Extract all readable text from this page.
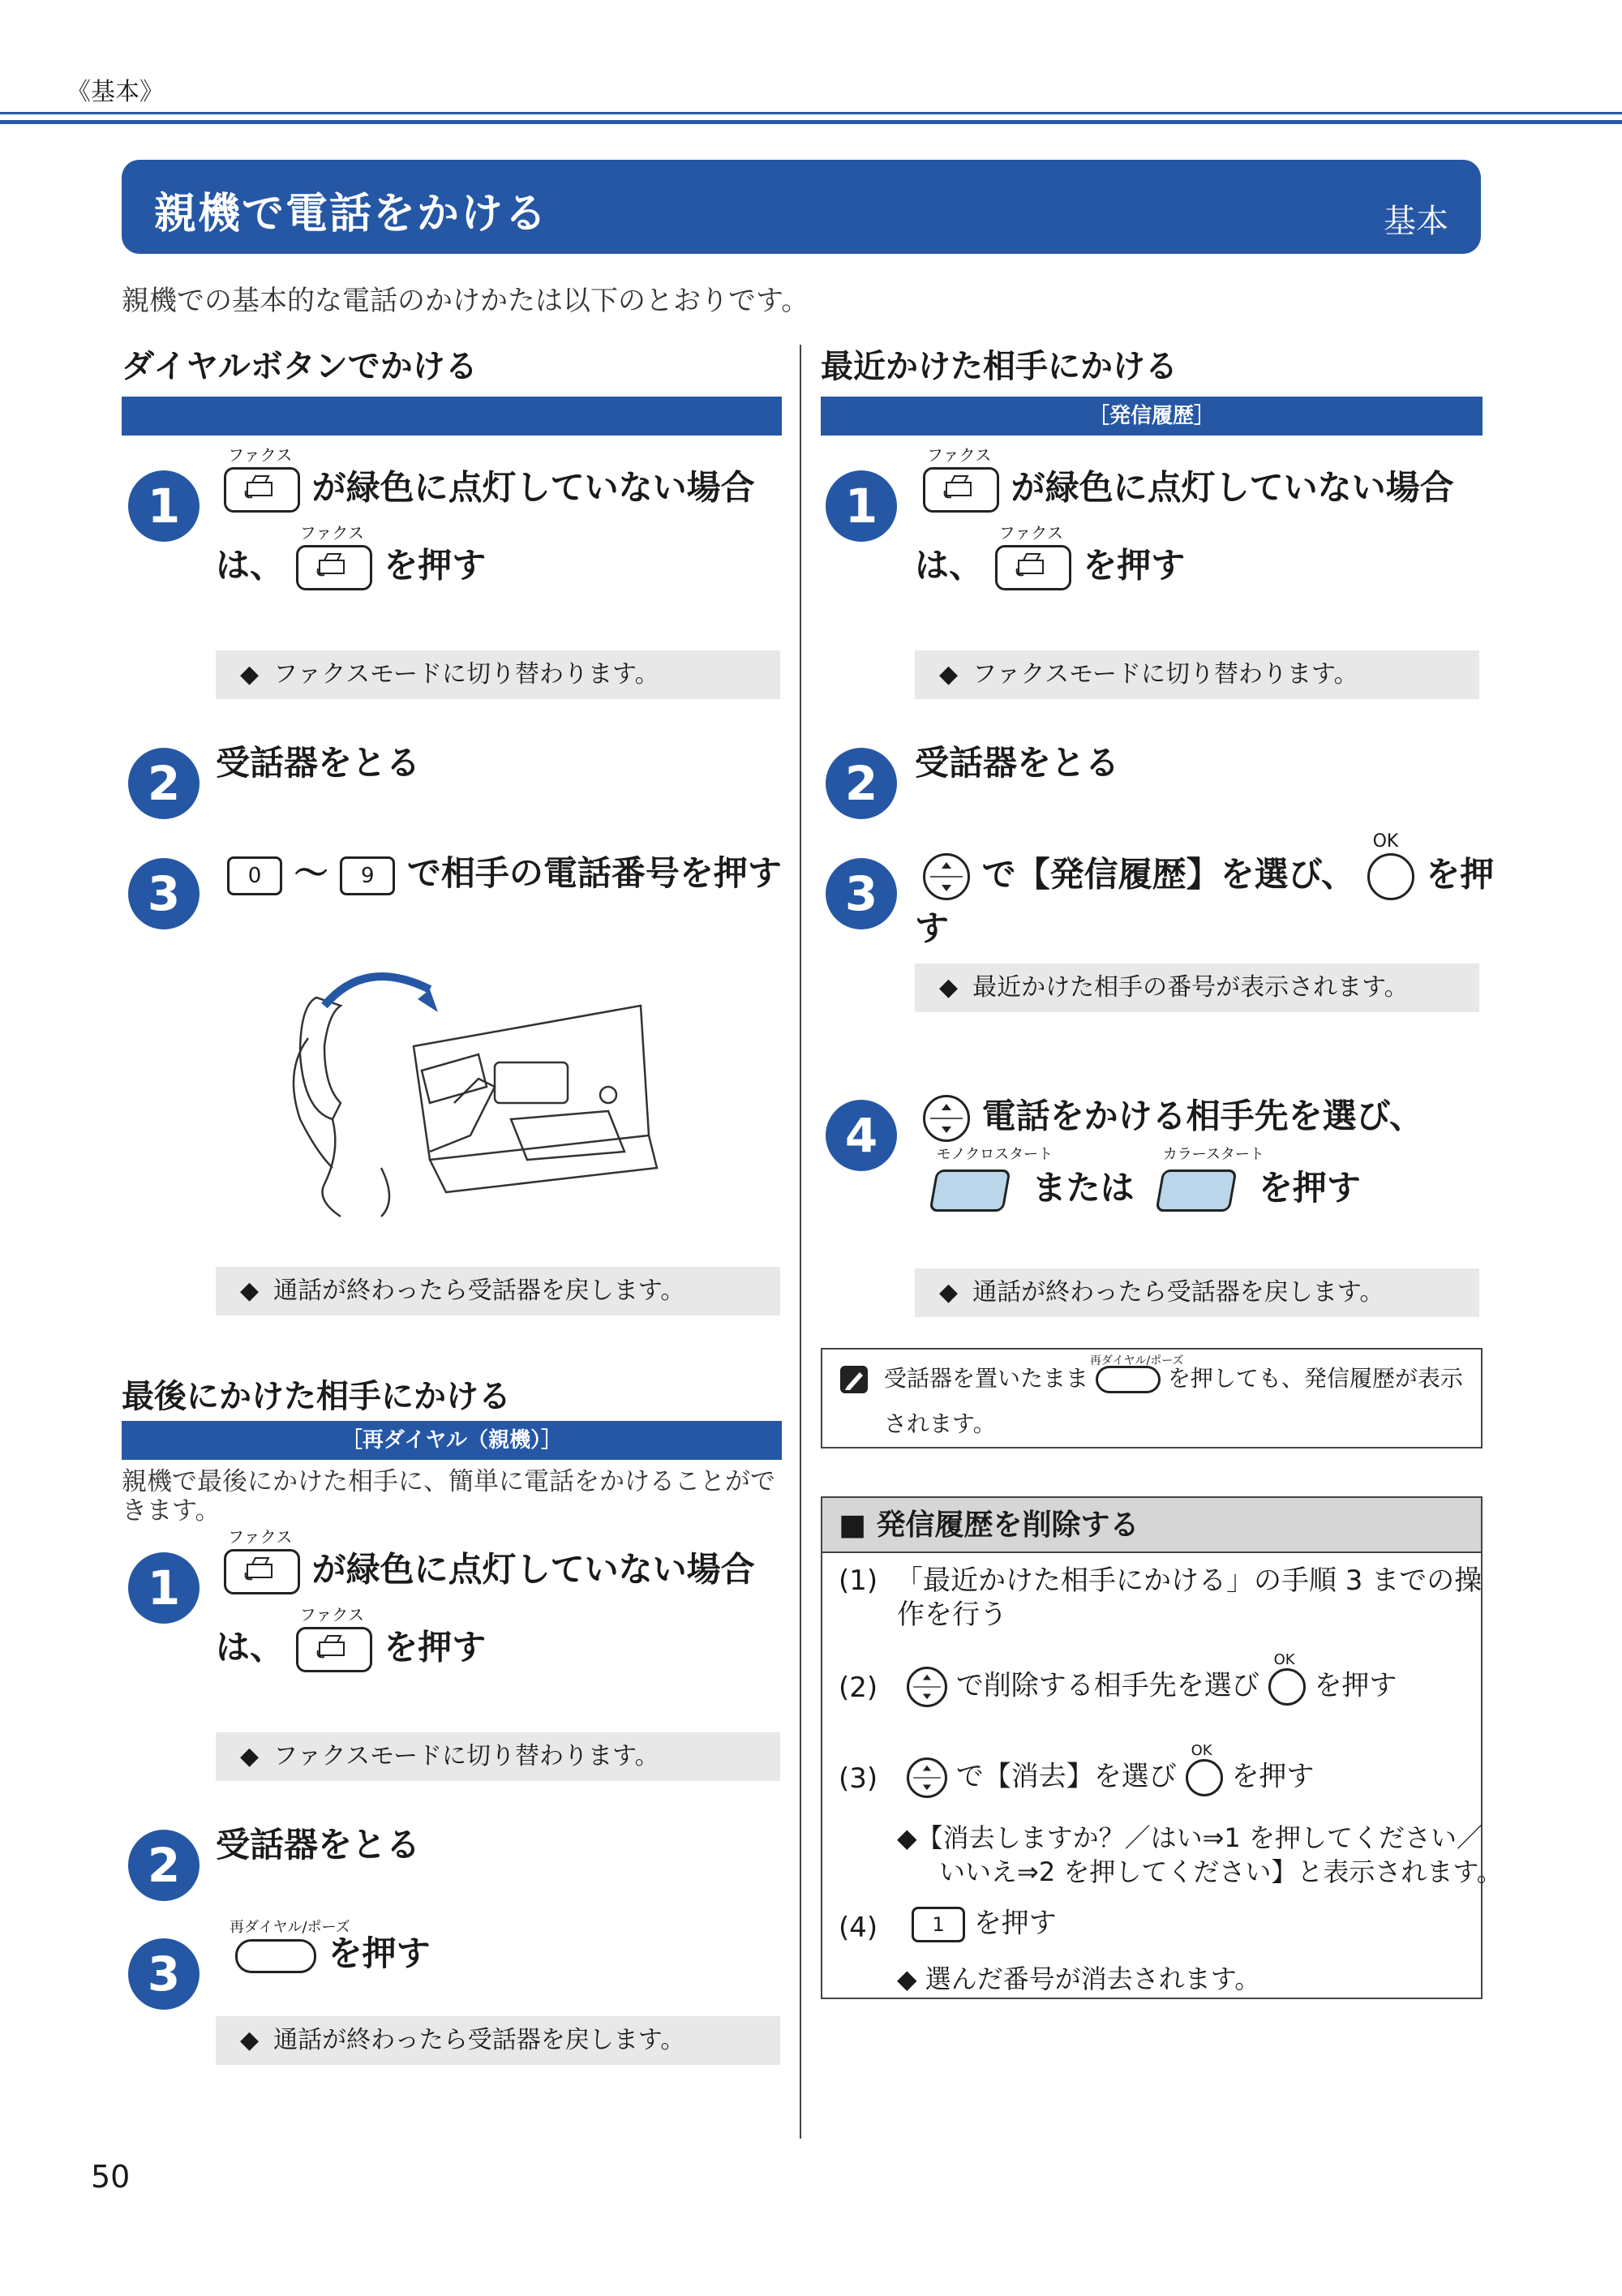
《基本》
親機で電話をかける	基本
親機での基本的な電話のかけかたは以下のとおりです。
ダイヤルボタンでかける
1
ファクス
が緑色に点灯していない場合
は、
ファクス
を押す
◆ ファクスモードに切り替わります。
2	受話器をとる
3	0 〜 9 で相手の電話番号を押す
◆ 通話が終わったら受話器を戻します。
最後にかけた相手にかける
［再ダイヤル（親機）］
親機で最後にかけた相手に、簡単に電話をかけることができます。
1
ファクス
が緑色に点灯していない場合
は、
ファクス
を押す
◆ ファクスモードに切り替わります。
2	受話器をとる
3
再ダイヤル/ポーズ
を押す
◆ 通話が終わったら受話器を戻します。
最近かけた相手にかける
［発信履歴］
1
ファクス
が緑色に点灯していない場合
は、
ファクス
を押す
◆ ファクスモードに切り替わります。
2	受話器をとる
3	で【発信履歴】を選び、
OK
を押
す
◆ 最近かけた相手の番号が表示されます。
4	電話をかける相手先を選び、
モノクロスタート
または
カラースタート
を押す
◆ 通話が終わったら受話器を戻します。
受話器を置いたまま
再ダイヤル/ポーズ
を押しても、発信履歴が表示
されます。
■ 発信履歴を削除する
(1) 「最近かけた相手にかける」の手順 3 までの操
作を行う
(2)	で削除する相手先を選び
OK
を押す
(3)	で【消去】を選び
OK
を押す
◆【消去しますか？／はい⇒1 を押してください／
いいえ⇒2 を押してください】と表示されます。
(4)	1 を押す
◆ 選んだ番号が消去されます。
50
